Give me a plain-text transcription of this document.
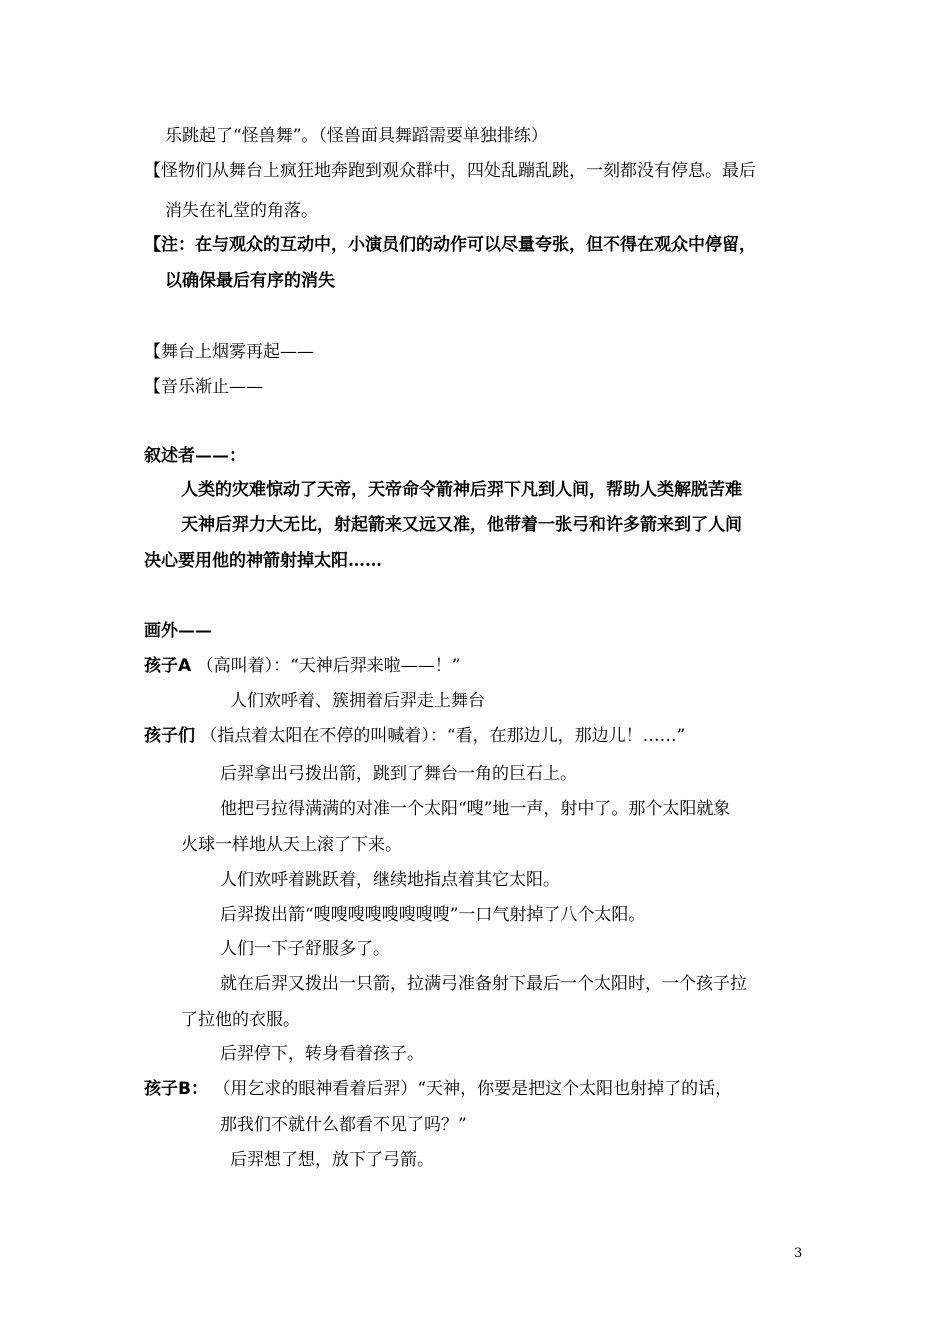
乐跳起了“怪兽舞”。（怪兽面具舞蹈需要单独排练）
【怪物们从舞台上疯狂地奔跑到观众群中，四处乱蹦乱跳，一刻都没有停息。最后
消失在礼堂的角落。
【注：在与观众的互动中，小演员们的动作可以尽量夸张，但不得在观众中停留，
以确保最后有序的消失
【舞台上烟雾再起——
【音乐渐止——
叙述者——：
人类的灾难惊动了天帝，天帝命令箭神后羿下凡到人间，帮助人类解脱苦难
天神后羿力大无比，射起箭来又远又准，他带着一张弓和许多箭来到了人间
决心要用他的神箭射掉太阳……
画外——
孩子A （高叫着）：“天神后羿来啦——！”
人们欢呼着、簇拥着后羿走上舞台
孩子们 （指点着太阳在不停的叫喊着）：“看，在那边儿，那边儿！……”
后羿拿出弓拨出箭，跳到了舞台一角的巨石上。
他把弓拉得满满的对准一个太阳“嗖”地一声，射中了。那个太阳就象
火球一样地从天上滚了下来。
人们欢呼着跳跃着，继续地指点着其它太阳。
后羿拨出箭“嗖嗖嗖嗖嗖嗖嗖嗖”一口气射掉了八个太阳。
人们一下子舒服多了。
就在后羿又拨出一只箭，拉满弓准备射下最后一个太阳时，一个孩子拉
了拉他的衣服。
后羿停下，转身看着孩子。
孩子B： （用乞求的眼神看着后羿）“天神，你要是把这个太阳也射掉了的话，
那我们不就什么都看不见了吗？”
后羿想了想，放下了弓箭。
3
